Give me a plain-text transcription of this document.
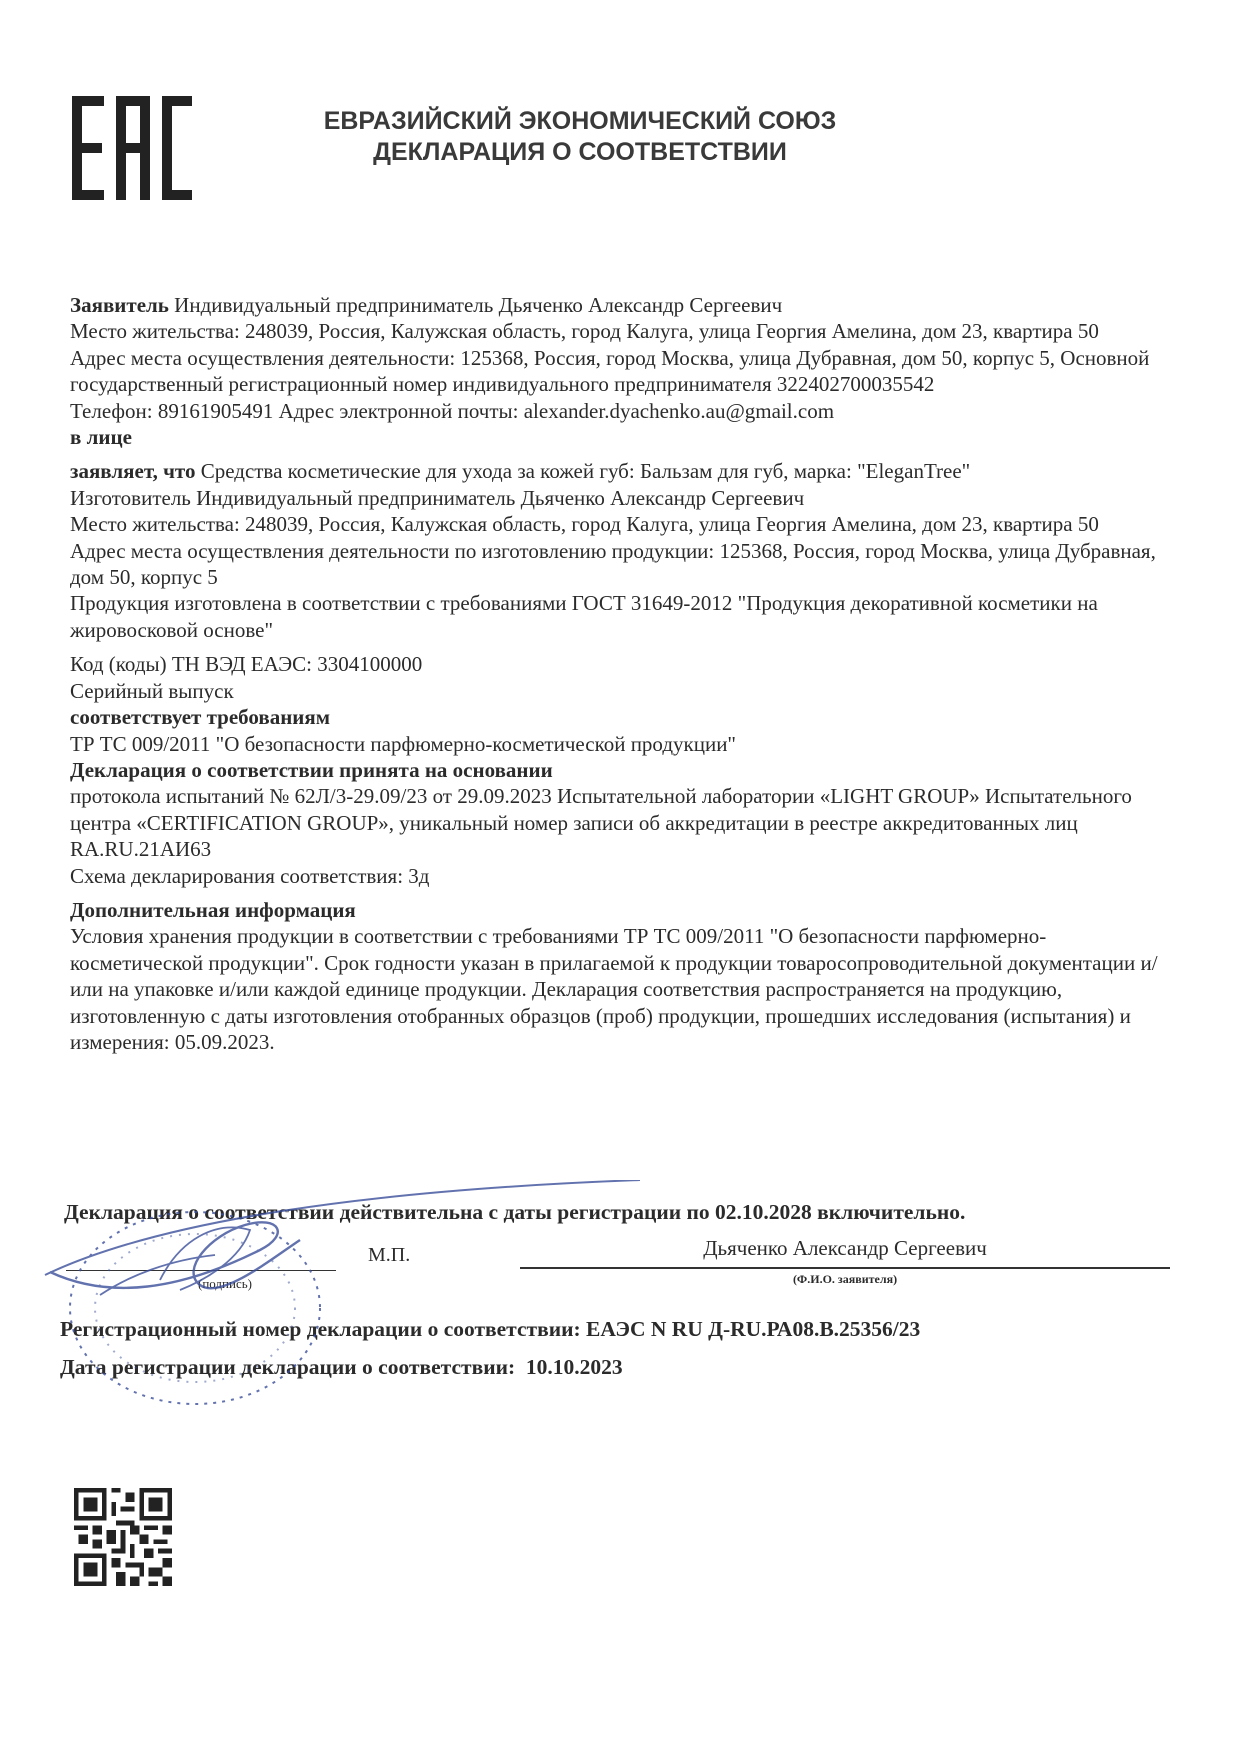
ЕВРАЗИЙСКИЙ ЭКОНОМИЧЕСКИЙ СОЮЗ
ДЕКЛАРАЦИЯ О СООТВЕТСТВИИ

Заявитель Индивидуальный предприниматель Дьяченко Александр Сергеевич

Место жительства: 248039, Россия, Калужская область, город Калуга, улица Георгия Амелина, дом 23, квартира 50

Адрес места осуществления деятельности: 125368, Россия, город Москва, улица Дубравная, дом 50, корпус 5, Основной государственный регистрационный номер индивидуального предпринимателя 322402700035542

Телефон: 89161905491 Адрес электронной почты: alexander.dyachenko.au@gmail.com

в лице

заявляет, что Средства косметические для ухода за кожей губ: Бальзам для губ, марка: "EleganTree"

Изготовитель Индивидуальный предприниматель Дьяченко Александр Сергеевич

Место жительства: 248039, Россия, Калужская область, город Калуга, улица Георгия Амелина, дом 23, квартира 50

Адрес места осуществления деятельности по изготовлению продукции: 125368, Россия, город Москва, улица Дубравная, дом 50, корпус 5

Продукция изготовлена в соответствии с требованиями ГОСТ 31649-2012 "Продукция декоративной косметики на жировосковой основе"

Код (коды) ТН ВЭД ЕАЭС: 3304100000

Серийный выпуск

соответствует требованиям

ТР ТС 009/2011 "О безопасности парфюмерно-косметической продукции"

Декларация о соответствии принята на основании

протокола испытаний № 62Л/3-29.09/23 от 29.09.2023 Испытательной лаборатории «LIGHT GROUP» Испытательного центра «CERTIFICATION GROUP», уникальный номер записи об аккредитации в реестре аккредитованных лиц RA.RU.21АИ63

Схема декларирования соответствия: 3д

Дополнительная информация

Условия хранения продукции в соответствии с требованиями ТР ТС 009/2011 "О безопасности парфюмерно-косметической продукции". Срок годности указан в прилагаемой к продукции товаросопроводительной документации и/или на упаковке и/или каждой единице продукции. Декларация соответствия распространяется на продукцию, изготовленную с даты изготовления отобранных образцов (проб) продукции, прошедших исследования (испытания) и измерения: 05.09.2023.

Декларация о соответствии действительна с даты регистрации по 02.10.2028 включительно.
(подпись)
М.П.	Дьяченко Александр Сергеевич
(Ф.И.О. заявителя)
Регистрационный номер декларации о соответствии: ЕАЭС N RU Д-RU.РА08.В.25356/23
Дата регистрации декларации о соответствии: 10.10.2023
